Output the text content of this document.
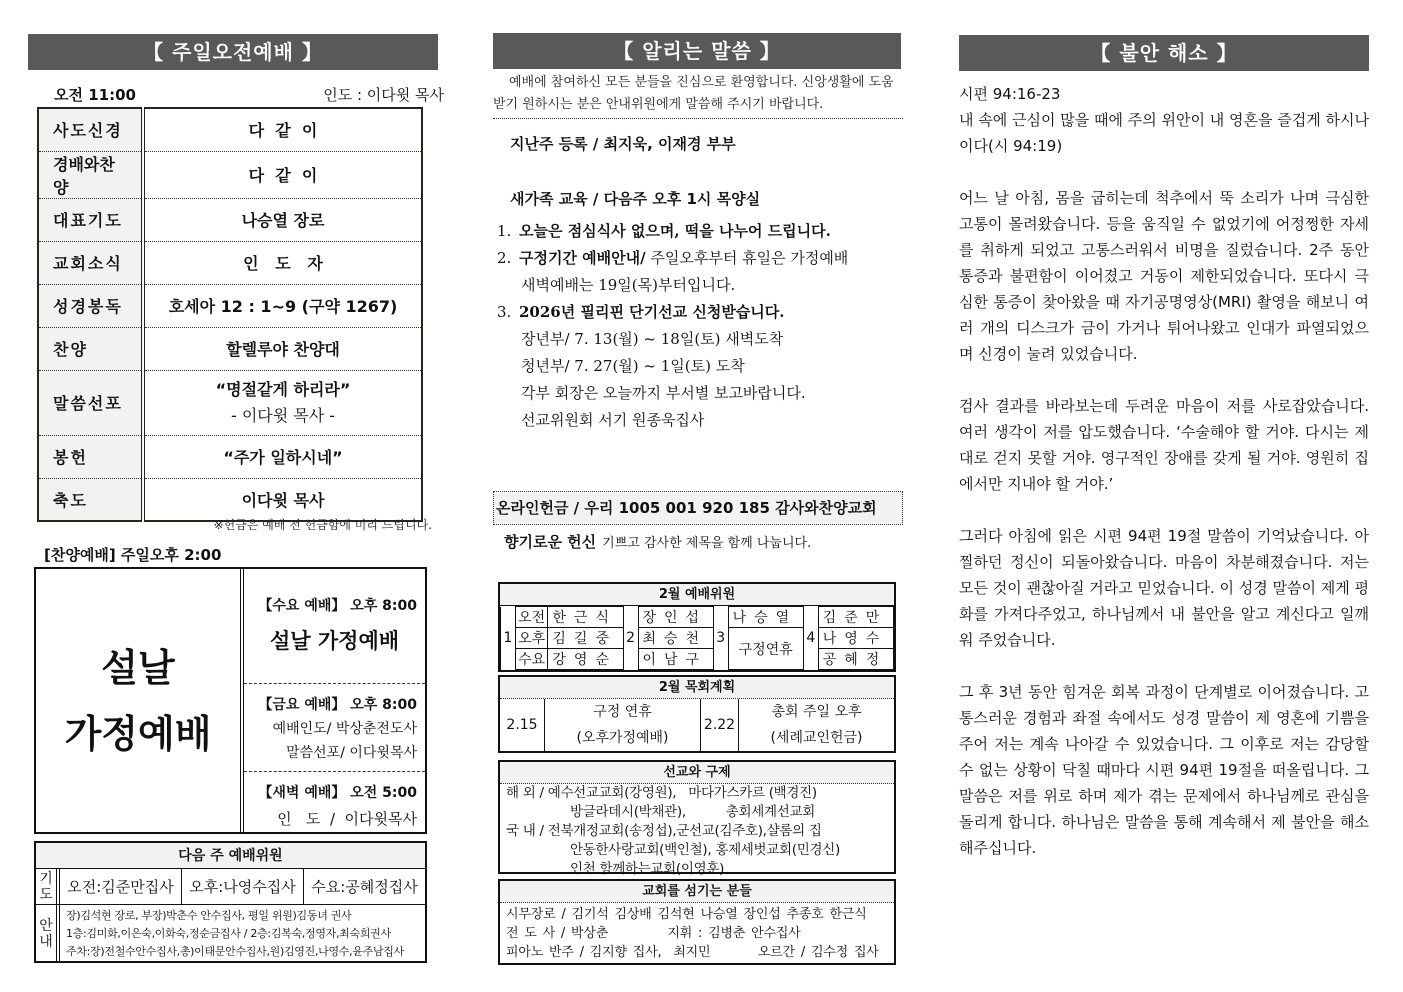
【 주일오전예배 】
오전 11:00	인도 : 이다윗 목사
사도신경	다  같  이
경배와찬양	다  같  이
대표기도	나승열 장로
교회소식	인   도   자
성경봉독	호세아 12 : 1~9 (구약 1267)
찬양	할렐루야 찬양대
말씀선포	“명절같게 하리라”
- 이다윗 목사 -

봉헌	“주가 일하시네”
축도	이다윗 목사
※헌금은 예배 전 헌금함에 미리 드립니다.
[찬양예배] 주일오후 2:00
설날
가정예배
【수요 예배】 오후 8:00
설날 가정예배
【금요 예배】 오후 8:00
예배인도/ 박상춘전도사
말씀선포/ 이다윗목사
【새벽 예배】 오전 5:00
인   도  /  이다윗목사
다음 주 예배위원
기도 오전:김준만집사	오후:나영수집사	수요:공혜정집사
안내
장)김석현 장로, 부장)박춘수 안수집사, 평일 위원)김동녀 권사
1층:김미화,이은숙,이화숙,정순금집사 / 2층:김복숙,정영자,최숙희권사
주차:장)전철수안수집사,총)이태문안수집사,원)김영진,나영수,윤주남집사
【 알리는 말씀 】
예배에 참여하신 모든 분들을 진심으로 환영합니다. 신앙생활에 도움받기 원하시는 분은 안내위원에게 말씀해 주시기 바랍니다.
지난주 등록 / 최지욱, 이재경 부부
새가족 교육 / 다음주 오후 1시 목양실
1. 오늘은 점심식사 없으며, 떡을 나누어 드립니다.
2. 구정기간 예배안내/ 주일오후부터 휴일은 가정예배
새벽예배는 19일(목)부터입니다.
3. 2026년 필리핀 단기선교 신청받습니다.
장년부/ 7. 13(월) ~ 18일(토) 새벽도착
청년부/ 7. 27(월) ~ 1일(토) 도착
각부 회장은 오늘까지 부서별 보고바랍니다.
선교위원회 서기 원종욱집사
온라인헌금 / 우리 1005 001 920 185 감사와찬양교회
향기로운 헌신 기쁘고 감사한 제목을 함께 나눕니다.
2월 예배위원
1	오전	한근식	2	장인섭	3	나승열	4	김준만
	오후	김길중		최승천		구정연휴		나영수
	수요	강영순		이남구				공혜정
2월 목회계획
2.15
구정 연휴
(오후가정예배)
2.22
총회 주일 오후
(세례교인헌금)
선교와 구제
해 외 / 예수선교교회(강영원),   마다가스카르 (백경진)
방글라데시(박채관),          총회세계선교회
국 내 / 전북개정교회(송정섭),군선교(김주호),샬롬의 집
안동한사랑교회(백인철), 홍제세벗교회(민경신)
인천 함께하는교회(이영훈)
교회를 섬기는 분들
시무장로 / 김기석 김상배 김석현 나승열 장인섭 추종호 한근식
전 도 사 / 박상춘          지휘 : 김병춘 안수집사
피아노 반주 / 김지향 집사,  최지민        오르간 / 김수정 집사
【 불안 해소 】

시편 94:16-23

내 속에 근심이 많을 때에 주의 위안이 내 영혼을 즐겁게 하시나이다(시 94:19)

어느 날 아침, 몸을 굽히는데 척추에서 뚝 소리가 나며 극심한 고통이 몰려왔습니다. 등을 움직일 수 없었기에 어정쩡한 자세를 취하게 되었고 고통스러워서 비명을 질렀습니다. 2주 동안 통증과 불편함이 이어졌고 거동이 제한되었습니다. 또다시 극심한 통증이 찾아왔을 때 자기공명영상(MRI) 촬영을 해보니 여러 개의 디스크가 금이 가거나 튀어나왔고 인대가 파열되었으며 신경이 눌려 있었습니다.

검사 결과를 바라보는데 두려운 마음이 저를 사로잡았습니다. 여러 생각이 저를 압도했습니다. ‘수술해야 할 거야. 다시는 제대로 걷지 못할 거야. 영구적인 장애를 갖게 될 거야. 영원히 집에서만 지내야 할 거야.’

그러다 아침에 읽은 시편 94편 19절 말씀이 기억났습니다. 아찔하던 정신이 되돌아왔습니다. 마음이 차분해졌습니다. 저는 모든 것이 괜찮아질 거라고 믿었습니다. 이 성경 말씀이 제게 평화를 가져다주었고, 하나님께서 내 불안을 알고 계신다고 일깨워 주었습니다.

그 후 3년 동안 힘겨운 회복 과정이 단계별로 이어졌습니다. 고통스러운 경험과 좌절 속에서도 성경 말씀이 제 영혼에 기쁨을 주어 저는 계속 나아갈 수 있었습니다. 그 이후로 저는 감당할 수 없는 상황이 닥칠 때마다 시편 94편 19절을 떠올립니다. 그 말씀은 저를 위로 하며 제가 겪는 문제에서 하나님께로 관심을 돌리게 합니다. 하나님은 말씀을 통해 계속해서 제 불안을 해소해주십니다.
